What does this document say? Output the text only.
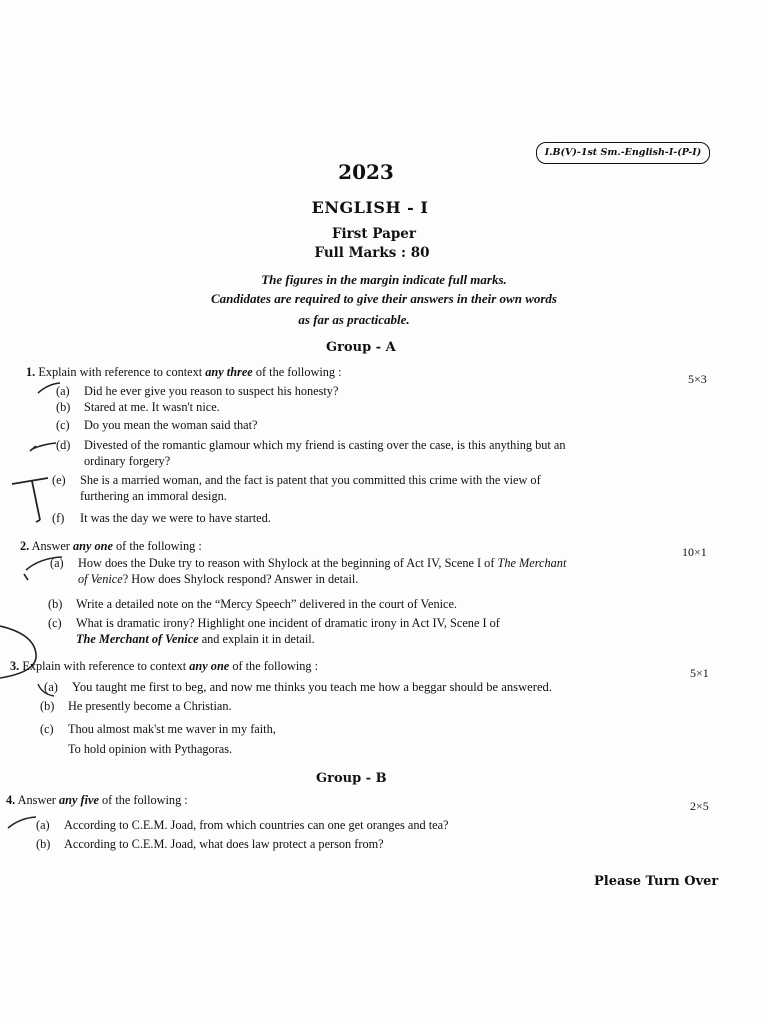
I.B(V)-1st Sm.-English-I-(P-I)
2023
ENGLISH - I
First Paper
Full Marks : 80
The figures in the margin indicate full marks.
Candidates are required to give their answers in their own words
as far as practicable.
Group - A
1. Explain with reference to context any three of the following :	5×3
(a) Did he ever give you reason to suspect his honesty?
(b) Stared at me. It wasn't nice.
(c) Do you mean the woman said that?
(d) Divested of the romantic glamour which my friend is casting over the case, is this anything but an
ordinary forgery?
(e) She is a married woman, and the fact is patent that you committed this crime with the view of
furthering an immoral design.
(f) It was the day we were to have started.
2. Answer any one of the following :	10×1
(a) How does the Duke try to reason with Shylock at the beginning of Act IV, Scene I of The Merchant
of Venice? How does Shylock respond? Answer in detail.
(b) Write a detailed note on the “Mercy Speech” delivered in the court of Venice.
(c) What is dramatic irony? Highlight one incident of dramatic irony in Act IV, Scene I of
The Merchant of Venice and explain it in detail.
3. Explain with reference to context any one of the following :	5×1
(a) You taught me first to beg, and now me thinks you teach me how a beggar should be answered.
(b) He presently become a Christian.
(c) Thou almost mak'st me waver in my faith,
To hold opinion with Pythagoras.
Group - B
4. Answer any five of the following :	2×5
(a) According to C.E.M. Joad, from which countries can one get oranges and tea?
(b) According to C.E.M. Joad, what does law protect a person from?
Please Turn Over
